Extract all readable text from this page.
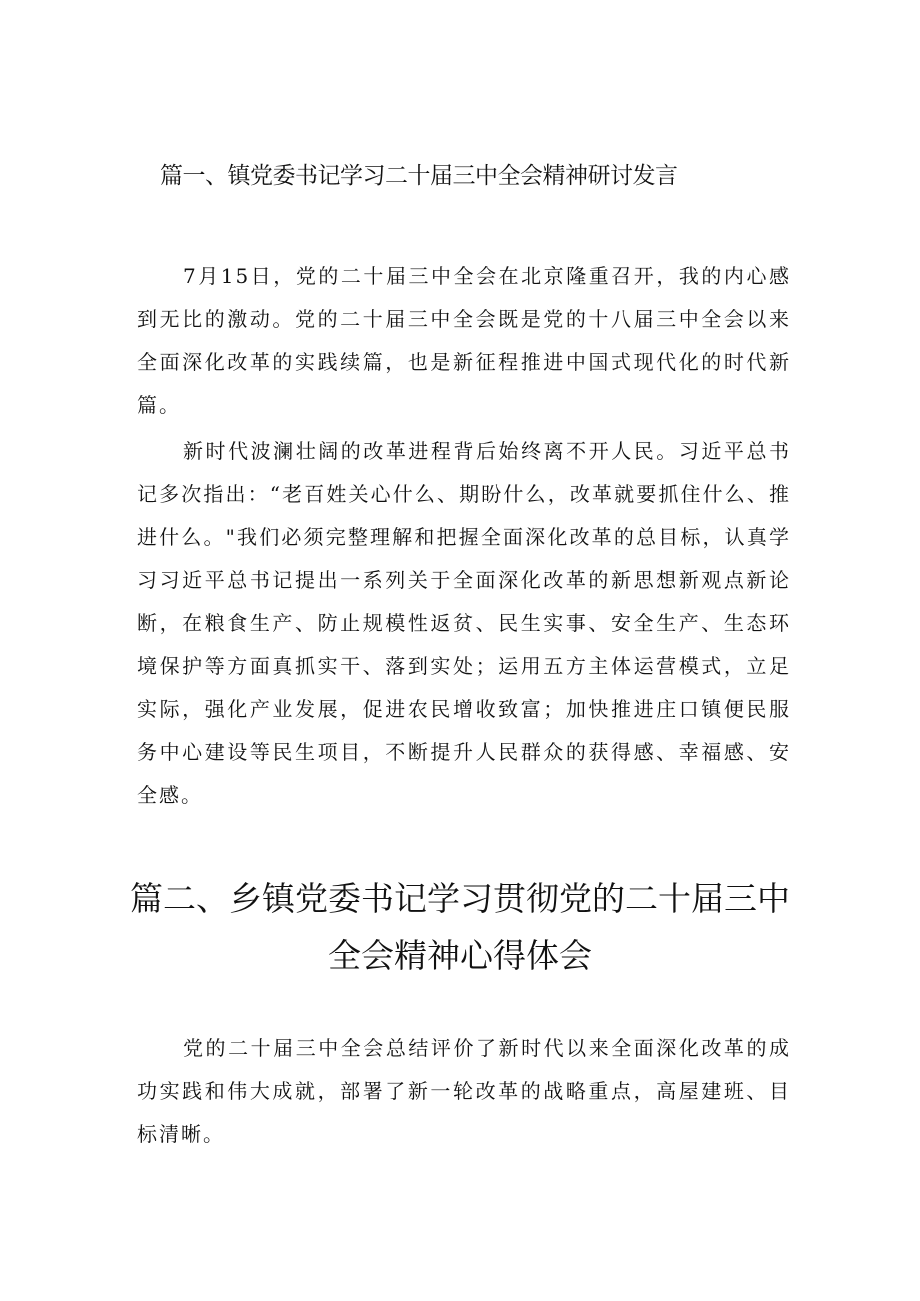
篇一、镇党委书记学习二十届三中全会精神研讨发言

7月15日，党的二十届三中全会在北京隆重召开，我的内心感到无比的激动。党的二十届三中全会既是党的十八届三中全会以来全面深化改革的实践续篇，也是新征程推进中国式现代化的时代新篇。

新时代波澜壮阔的改革进程背后始终离不开人民。习近平总书记多次指出：“老百姓关心什么、期盼什么，改革就要抓住什么、推进什么。"我们必须完整理解和把握全面深化改革的总目标，认真学习习近平总书记提出一系列关于全面深化改革的新思想新观点新论断，在粮食生产、防止规模性返贫、民生实事、安全生产、生态环境保护等方面真抓实干、落到实处；运用五方主体运营模式，立足实际，强化产业发展，促进农民增收致富；加快推进庄口镇便民服务中心建设等民生项目，不断提升人民群众的获得感、幸福感、安全感。

篇二、乡镇党委书记学习贯彻党的二十届三中全会精神心得体会

党的二十届三中全会总结评价了新时代以来全面深化改革的成功实践和伟大成就，部署了新一轮改革的战略重点，高屋建班、目标清晰。
